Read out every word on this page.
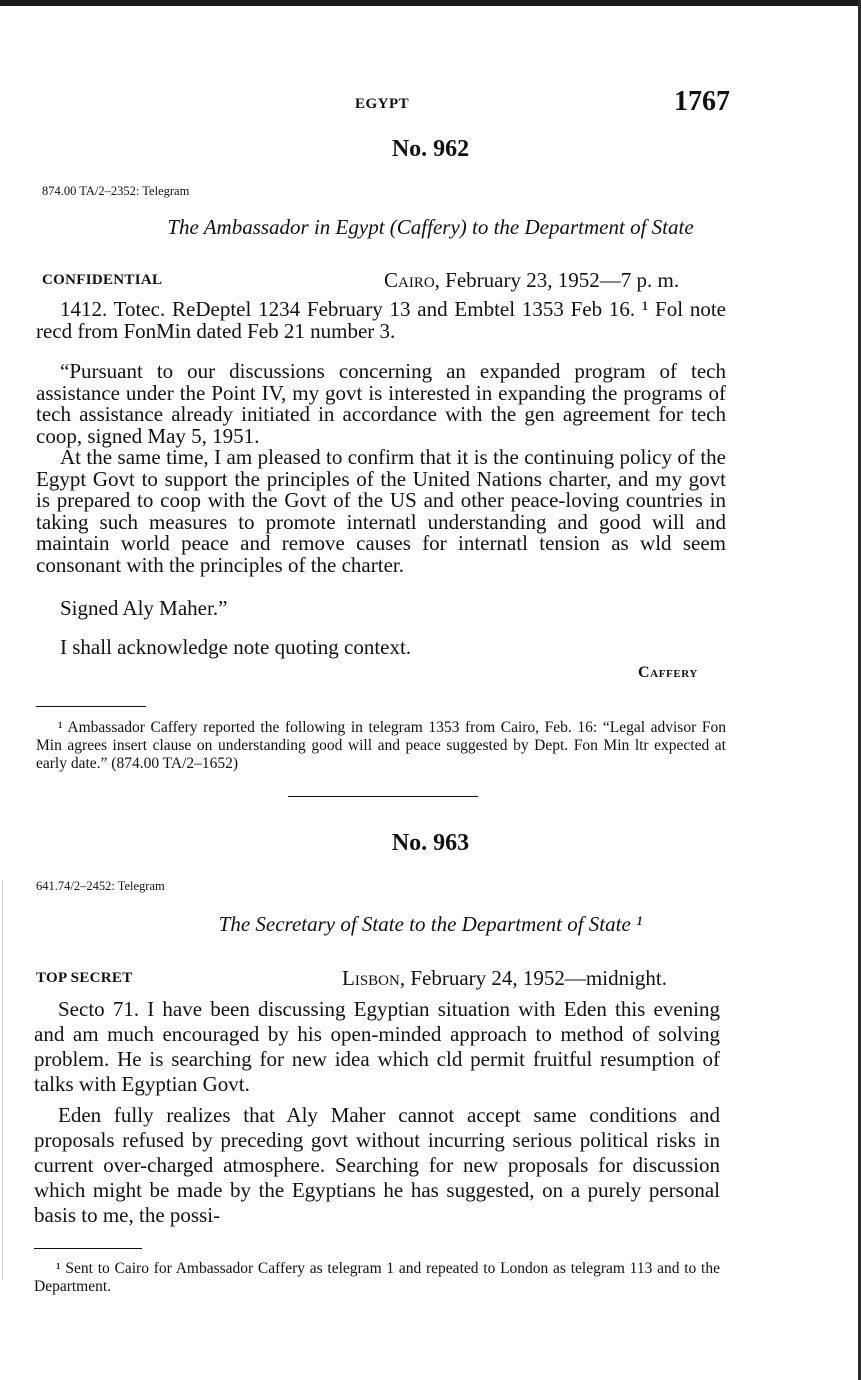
EGYPT	1767
No. 962
874.00 TA/2–2352: Telegram
The Ambassador in Egypt (Caffery) to the Department of State
CONFIDENTIAL	Cairo, February 23, 1952—7 p. m.
1412. Totec. ReDeptel 1234 February 13 and Embtel 1353 Feb 16. ¹ Fol note recd from FonMin dated Feb 21 number 3.
“Pursuant to our discussions concerning an expanded program of tech assistance under the Point IV, my govt is interested in expanding the programs of tech assistance already initiated in accordance with the gen agreement for tech coop, signed May 5, 1951.
At the same time, I am pleased to confirm that it is the continuing policy of the Egypt Govt to support the principles of the United Nations charter, and my govt is prepared to coop with the Govt of the US and other peace-loving countries in taking such measures to promote internatl understanding and good will and maintain world peace and remove causes for internatl tension as wld seem consonant with the principles of the charter.
Signed Aly Maher.”
I shall acknowledge note quoting context.
Caffery
¹ Ambassador Caffery reported the following in telegram 1353 from Cairo, Feb. 16: “Legal advisor Fon Min agrees insert clause on understanding good will and peace suggested by Dept. Fon Min ltr expected at early date.” (874.00 TA/2–1652)
No. 963
641.74/2–2452: Telegram
The Secretary of State to the Department of State ¹
TOP SECRET	Lisbon, February 24, 1952—midnight.
Secto 71. I have been discussing Egyptian situation with Eden this evening and am much encouraged by his open-minded approach to method of solving problem. He is searching for new idea which cld permit fruitful resumption of talks with Egyptian Govt.
Eden fully realizes that Aly Maher cannot accept same conditions and proposals refused by preceding govt without incurring serious political risks in current over-charged atmosphere. Searching for new proposals for discussion which might be made by the Egyptians he has suggested, on a purely personal basis to me, the possi-
¹ Sent to Cairo for Ambassador Caffery as telegram 1 and repeated to London as telegram 113 and to the Department.
